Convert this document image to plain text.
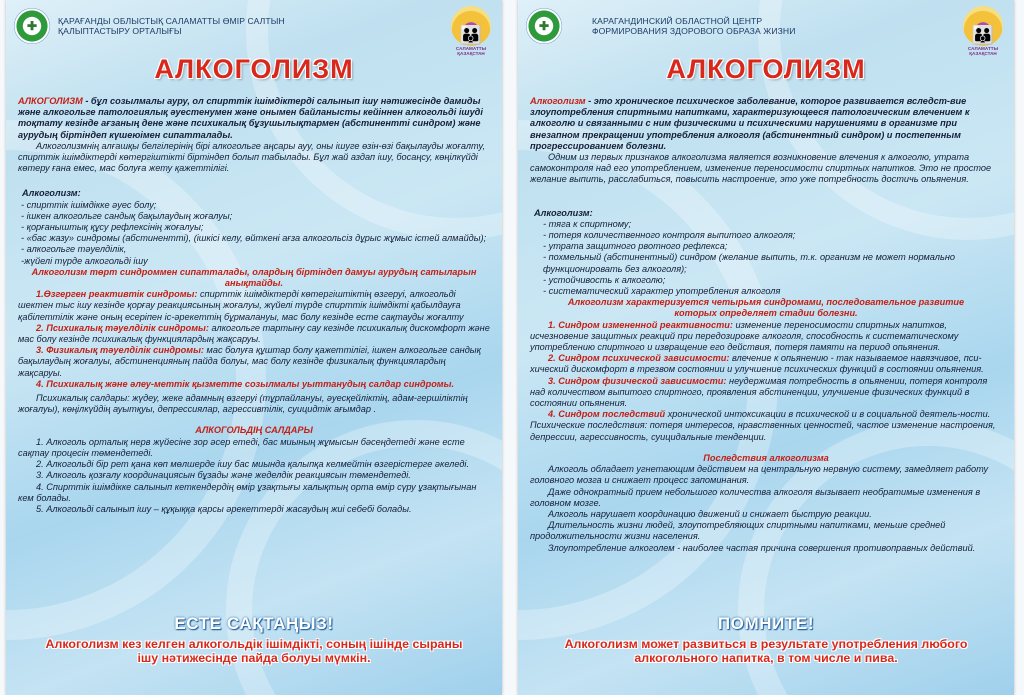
✚ ҚАРАҒАНДЫ ОБЛЫСТЫҚ САЛАМАТТЫ ӨМІР САЛТЫН
ҚАЛЫПТАСТЫРУ ОРТАЛЫҒЫ	👪
САЛАМАТТЫ ҚАЗАҚСТАН
АЛКОГОЛИЗМ

АЛКОГОЛИЗМ - бұл созылмалы ауру, ол спирттік ішімдіктерді салынып ішу нәтижесінде дамиды және алкогольге патологиялық әуестенумен және онымен байланысты кейіннен алкогольді ішуді тоқтату кезінде ағзаның дене және психикалық бұзушылықтармен (абстинентті синдром) және аурудың біртіндеп күшеюімен сипатталады.

Алкоголизмнің алғашқы белгілерінің бірі алкогольге аңсары ауу, оны ішуге өзін-өзі бақылауды жоғалту, спирттік ішімдіктерді көтергіштікті біртіндеп болып табылады. Бұл жай аздап ішу, босаңсу, көңілкүйді көтеру ғана емес, мас болуға жету қажеттілігі.

Алкоголизм:

- спирттік ішімдікке әуес болу;

- ішкен алкогольге сандық бақылаудың жоғалуы;

- қорғаныштық құсу рефлексінің жоғалуы;

- «бас жазу» синдромы (абстинентті), (ішкісі келу, өйткені ағза алкогольсіз дұрыс жұмыс істей алмайды);

- алкогольге тәуелділік,

-жүйелі түрде алкогольді ішу

Алкоголизм төрт синдроммен сипатталады, олардың біртіндеп дамуы аурудың сатыларын анықтайды.

1.Өзгерген реактивтік синдромы: спирттік ішімдіктерді көтергіштіктің өзгеруі, алкогольді шектен тыс ішу кезінде қорғау реакцияcының жоғалуы, жүйелі түрде спирттік ішімдікті қабылдауға қабілеттілік және оның есеріпен іс-әрекеттің бұрмалануы, мас болу кезінде есте сақтауды жоғалту

2. Психикалық тәуелділік синдромы: алкогольге тартыну сау кезінде психикалық дискомфорт және мас болу кезінде психикалық функциялардың жақсаруы.

3. Физикалық тәуелділік синдромы: мас болуға құштар болу қажеттілігі, ішкен алкогольге сандық бақылаудың жоғалуы, абстиненцияның пайда болуы, мас болу кезінде физикалық функциялардың жақсаруы.

4. Психикалық және әлеу-меттік қызметте созылмалы уыттанудың салдар синдромы.

Психикалық салдары: жүдеу, жеке адамның өзгеруі (тұрпайлануы, әуесқейліктің, адам-гершіліктің жоғалуы), көңілкүйдің ауытқуы, депрессиялар, агрессивтілік, суицидтік ағымдар .

АЛКОГОЛЬДІҢ САЛДАРЫ

1. Алкоголь орталық нерв жүйесіне зор әсер етеді, бас миының жұмысын бәсеңдетеді және есте сақтау процесін төмендетеді.

2. Алкогольді бір рет қана көп мөлшерде ішу бас миында қалыпқа келмейтін өзгерістерге әкеледі.

3. Алкоголь қозғалу координациясын бұзады және жеделдік реакциясын төмендетеді.

4. Спирттік ішімдікке салынып кеткендердің өмір ұзақтығы халықтың орта өмір сүру ұзақтығынан кем болады.

5. Алкогольді салынып ішу – құқыққа қарсы әрекеттерді жасаудың жиі себебі болады.

ЕСТЕ САҚТАҢЫЗ!
Алкоголизм кез келген алкогольдік ішімдікті, соның ішінде сыраны ішу нәтижесінде пайда болуы мүмкін.
✚	КАРАГАНДИНСКИЙ ОБЛАСТНОЙ ЦЕНТР
ФОРМИРОВАНИЯ ЗДОРОВОГО ОБРАЗА ЖИЗНИ	👪
САЛАМАТТЫ ҚАЗАҚСТАН
АЛКОГОЛИЗМ

Алкоголизм - это хроническое психическое заболевание, которое развивается вследст-вие злоупотребления спиртными напитками, характеризующееся патологическим влечением к алкоголю и связанными с ним физическими и психическими нарушениями в организме при внезапном прекращении употребления алкоголя (абстинентный синдром) и постепенным прогрессированием болезни.

Одним из первых признаков алкоголизма является возникновение влечения к алкоголю, утрата самоконтроля над его употреблением, изменение переносимости спиртных напитков. Это не простое желание выпить, расслабиться, повысить настроение, это уже потребность достичь опьянения.

Алкоголизм:

- тяга к спиртному;

- потеря количественного контроля выпитого алкоголя;

- утрата защитного рвотного рефлекса;

- похмельный (абстинентный) синдром (желание выпить, т.к. организм не может нормально функционировать без алкоголя);

- устойчивость к алкоголю;

- систематический характер употребления алкоголя

Алкоголизм характеризуется четырьмя синдромами, последовательное развитие которых определяет стадии болезни.

1. Синдром измененной реактивности: изменение переносимости спиртных напитков, исчезновение защитных реакций при передозировке алкоголя, способность к систематическому употреблению спиртного и извращение его действия, потеря памяти на период опьянения.

2. Синдром психической зависимости: влечение к опьянению - так называемое навязчивое, пси-хический дискомфорт в трезвом состоянии и улучшение психических функций в состоянии опьянения.

3. Синдром физической зависимости: неудержимая потребность в опьянении, потеря контроля над количеством выпитого спиртного, проявления абстиненции, улучшение физических функций в состоянии опьянения.

4. Синдром последствий хронической интоксикации в психической и в социальной деятель-ности. Психические последствия: потеря интересов, нравственных ценностей, частое изменение настроения, депрессии, агрессивность, суицидальные тенденции.

Последствия алкоголизма

Алкоголь обладает угнетающим действием на центральную нервную систему, замедляет работу головного мозга и снижает процесс запоминания.

Даже однократный прием небольшого количества алкоголя вызывает необратимые изменения в головном мозге.

Алкоголь нарушает координацию движений и снижает быструю реакции.

Длительность жизни людей, злоупотребляющих спиртными напитками, меньше средней продолжительности жизни населения.

Злоупотребление алкоголем - наиболее частая причина совершения противоправных действий.

ПОМНИТЕ!
Алкоголизм может развиться в результате употребления любого алкогольного напитка, в том числе и пива.
